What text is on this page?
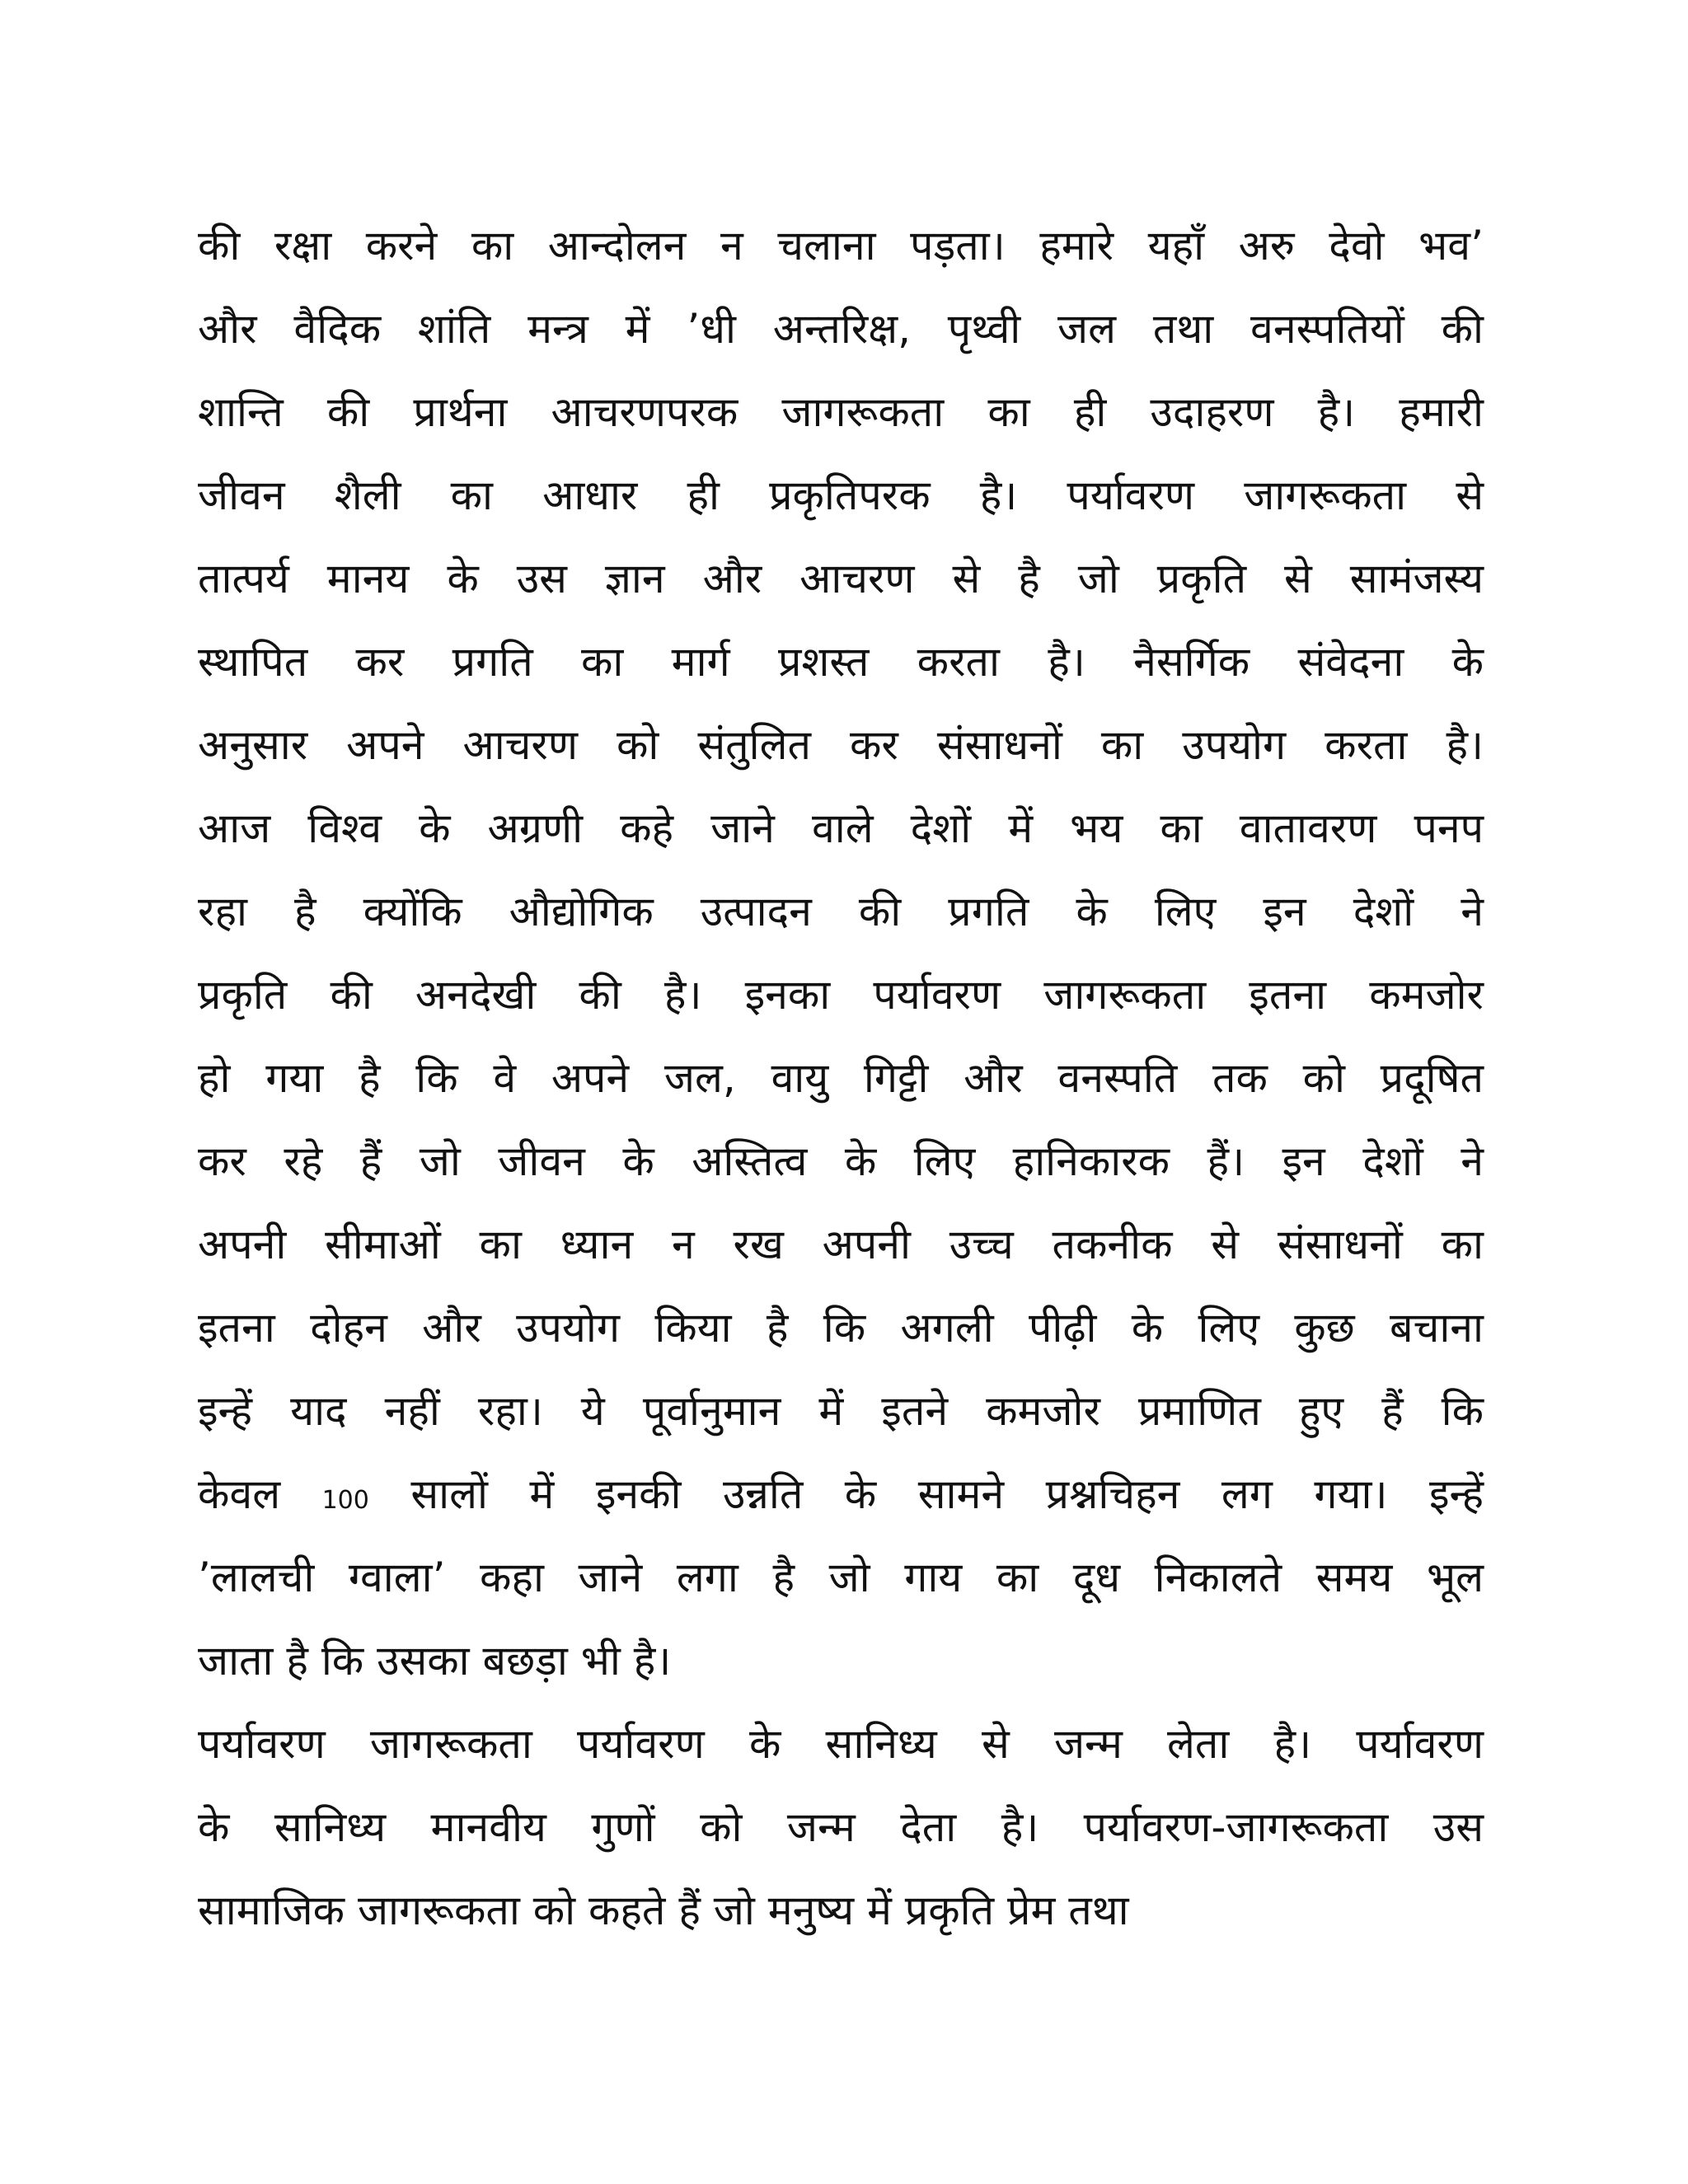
की रक्षा करने का आन्दोलन न चलाना पड़ता। हमारे यहाँ अरु देवो भव’
और वैदिक शांति मन्त्र में ’धी अन्तरिक्ष, पृथ्वी जल तथा वनस्पतियों की
शान्ति की प्रार्थना आचरणपरक जागरूकता का ही उदाहरण है। हमारी
जीवन शैली का आधार ही प्रकृतिपरक है। पर्यावरण जागरूकता से
तात्पर्य मानय के उस ज्ञान और आचरण से है जो प्रकृति से सामंजस्य
स्थापित कर प्रगति का मार्ग प्रशस्त करता है। नैसर्गिक संवेदना के
अनुसार अपने आचरण को संतुलित कर संसाधनों का उपयोग करता है।
आज विश्व के अग्रणी कहे जाने वाले देशों में भय का वातावरण पनप
रहा है क्योंकि औद्योगिक उत्पादन की प्रगति के लिए इन देशों ने
प्रकृति की अनदेखी की है। इनका पर्यावरण जागरूकता इतना कमजोर
हो गया है कि वे अपने जल, वायु गिट्टी और वनस्पति तक को प्रदूषित
कर रहे हैं जो जीवन के अस्तित्व के लिए हानिकारक हैं। इन देशों ने
अपनी सीमाओं का ध्यान न रख अपनी उच्च तकनीक से संसाधनों का
इतना दोहन और उपयोग किया है कि अगली पीढ़ी के लिए कुछ बचाना
इन्हें याद नहीं रहा। ये पूर्वानुमान में इतने कमजोर प्रमाणित हुए हैं कि
केवल 100 सालों में इनकी उन्नति के सामने प्रश्नचिहन लग गया। इन्हें
’लालची ग्वाला’ कहा जाने लगा है जो गाय का दूध निकालते समय भूल
जाता है कि उसका बछड़ा भी है।
पर्यावरण जागरूकता पर्यावरण के सानिध्य से जन्म लेता है। पर्यावरण
के सानिध्य मानवीय गुणों को जन्म देता है। पर्यावरण-जागरूकता उस
सामाजिक जागरूकता को कहते हैं जो मनुष्य में प्रकृति प्रेम तथा
